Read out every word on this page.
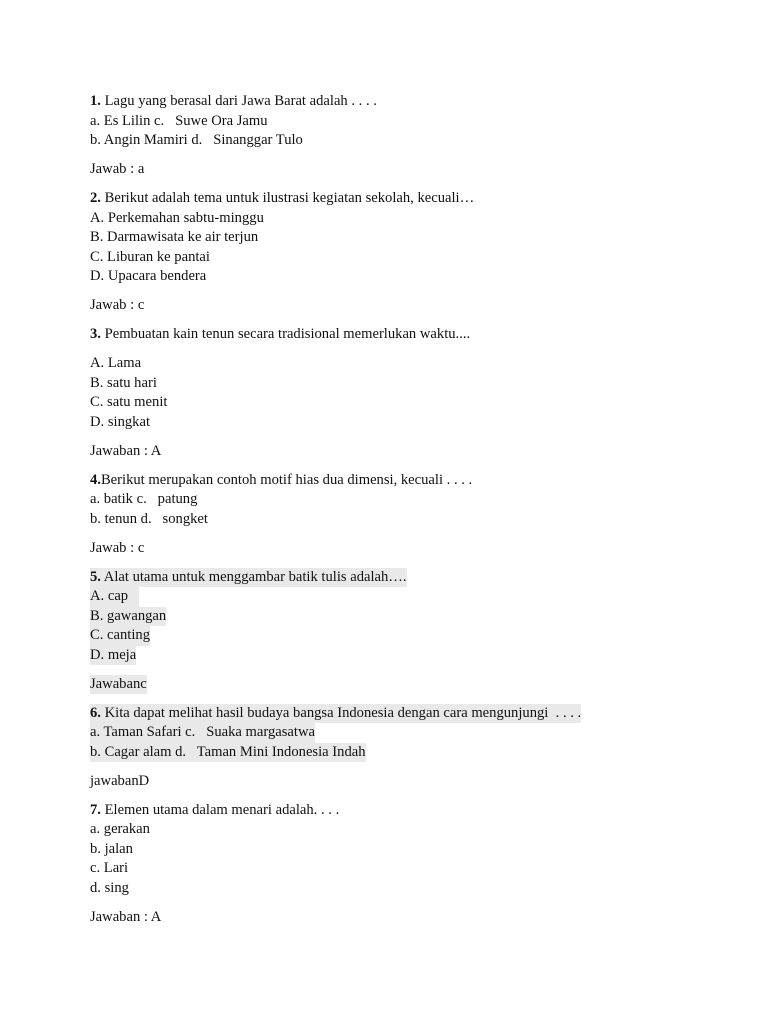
1. Lagu yang berasal dari Jawa Barat adalah . . . .
a. Es Lilin c.   Suwe Ora Jamu
b. Angin Mamiri d.   Sinanggar Tulo
Jawab : a
2. Berikut adalah tema untuk ilustrasi kegiatan sekolah, kecuali…
A. Perkemahan sabtu-minggu
B. Darmawisata ke air terjun
C. Liburan ke pantai
D. Upacara bendera
Jawab : c
3. Pembuatan kain tenun secara tradisional memerlukan waktu....
A. Lama
B. satu hari
C. satu menit
D. singkat
Jawaban : A
4.Berikut merupakan contoh motif hias dua dimensi, kecuali . . . .
a. batik c.   patung
b. tenun d.   songket
Jawab : c
5. Alat utama untuk menggambar batik tulis adalah….
A. cap
B. gawangan
C. canting
D. meja
Jawabanc
6. Kita dapat melihat hasil budaya bangsa Indonesia dengan cara mengunjungi  . . . .
a. Taman Safari c.   Suaka margasatwa
b. Cagar alam d.   Taman Mini Indonesia Indah
jawabanD
7. Elemen utama dalam menari adalah. . . .
a. gerakan
b. jalan
c. Lari
d. sing
Jawaban : A
